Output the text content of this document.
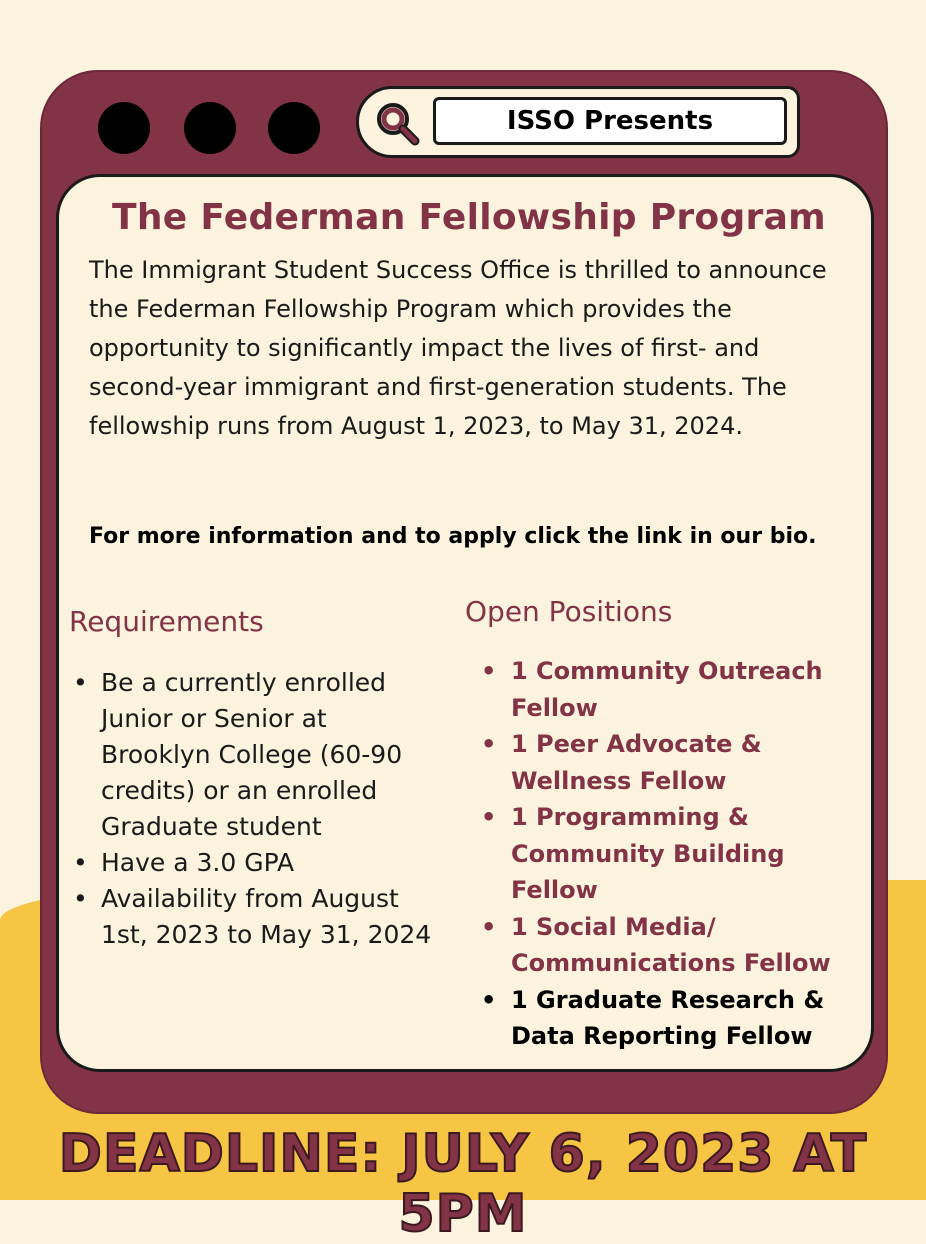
ISSO Presents
The Federman Fellowship Program
The Immigrant Student Success Office is thrilled to announce the Federman Fellowship Program which provides the opportunity to significantly impact the lives of first- and second-year immigrant and first-generation students. The fellowship runs from August 1, 2023, to May 31, 2024.
For more information and to apply click the link in our bio.
Requirements
• Be a currently enrolled Junior or Senior at Brooklyn College (60-90 credits) or an enrolled Graduate student
• Have a 3.0 GPA
• Availability from August 1st, 2023 to May 31, 2024
Open Positions
• 1 Community Outreach Fellow
• 1 Peer Advocate & Wellness Fellow
• 1 Programming & Community Building Fellow
• 1 Social Media/ Communications Fellow
• 1 Graduate Research & Data Reporting Fellow
DEADLINE: JULY 6, 2023 AT 5PM
